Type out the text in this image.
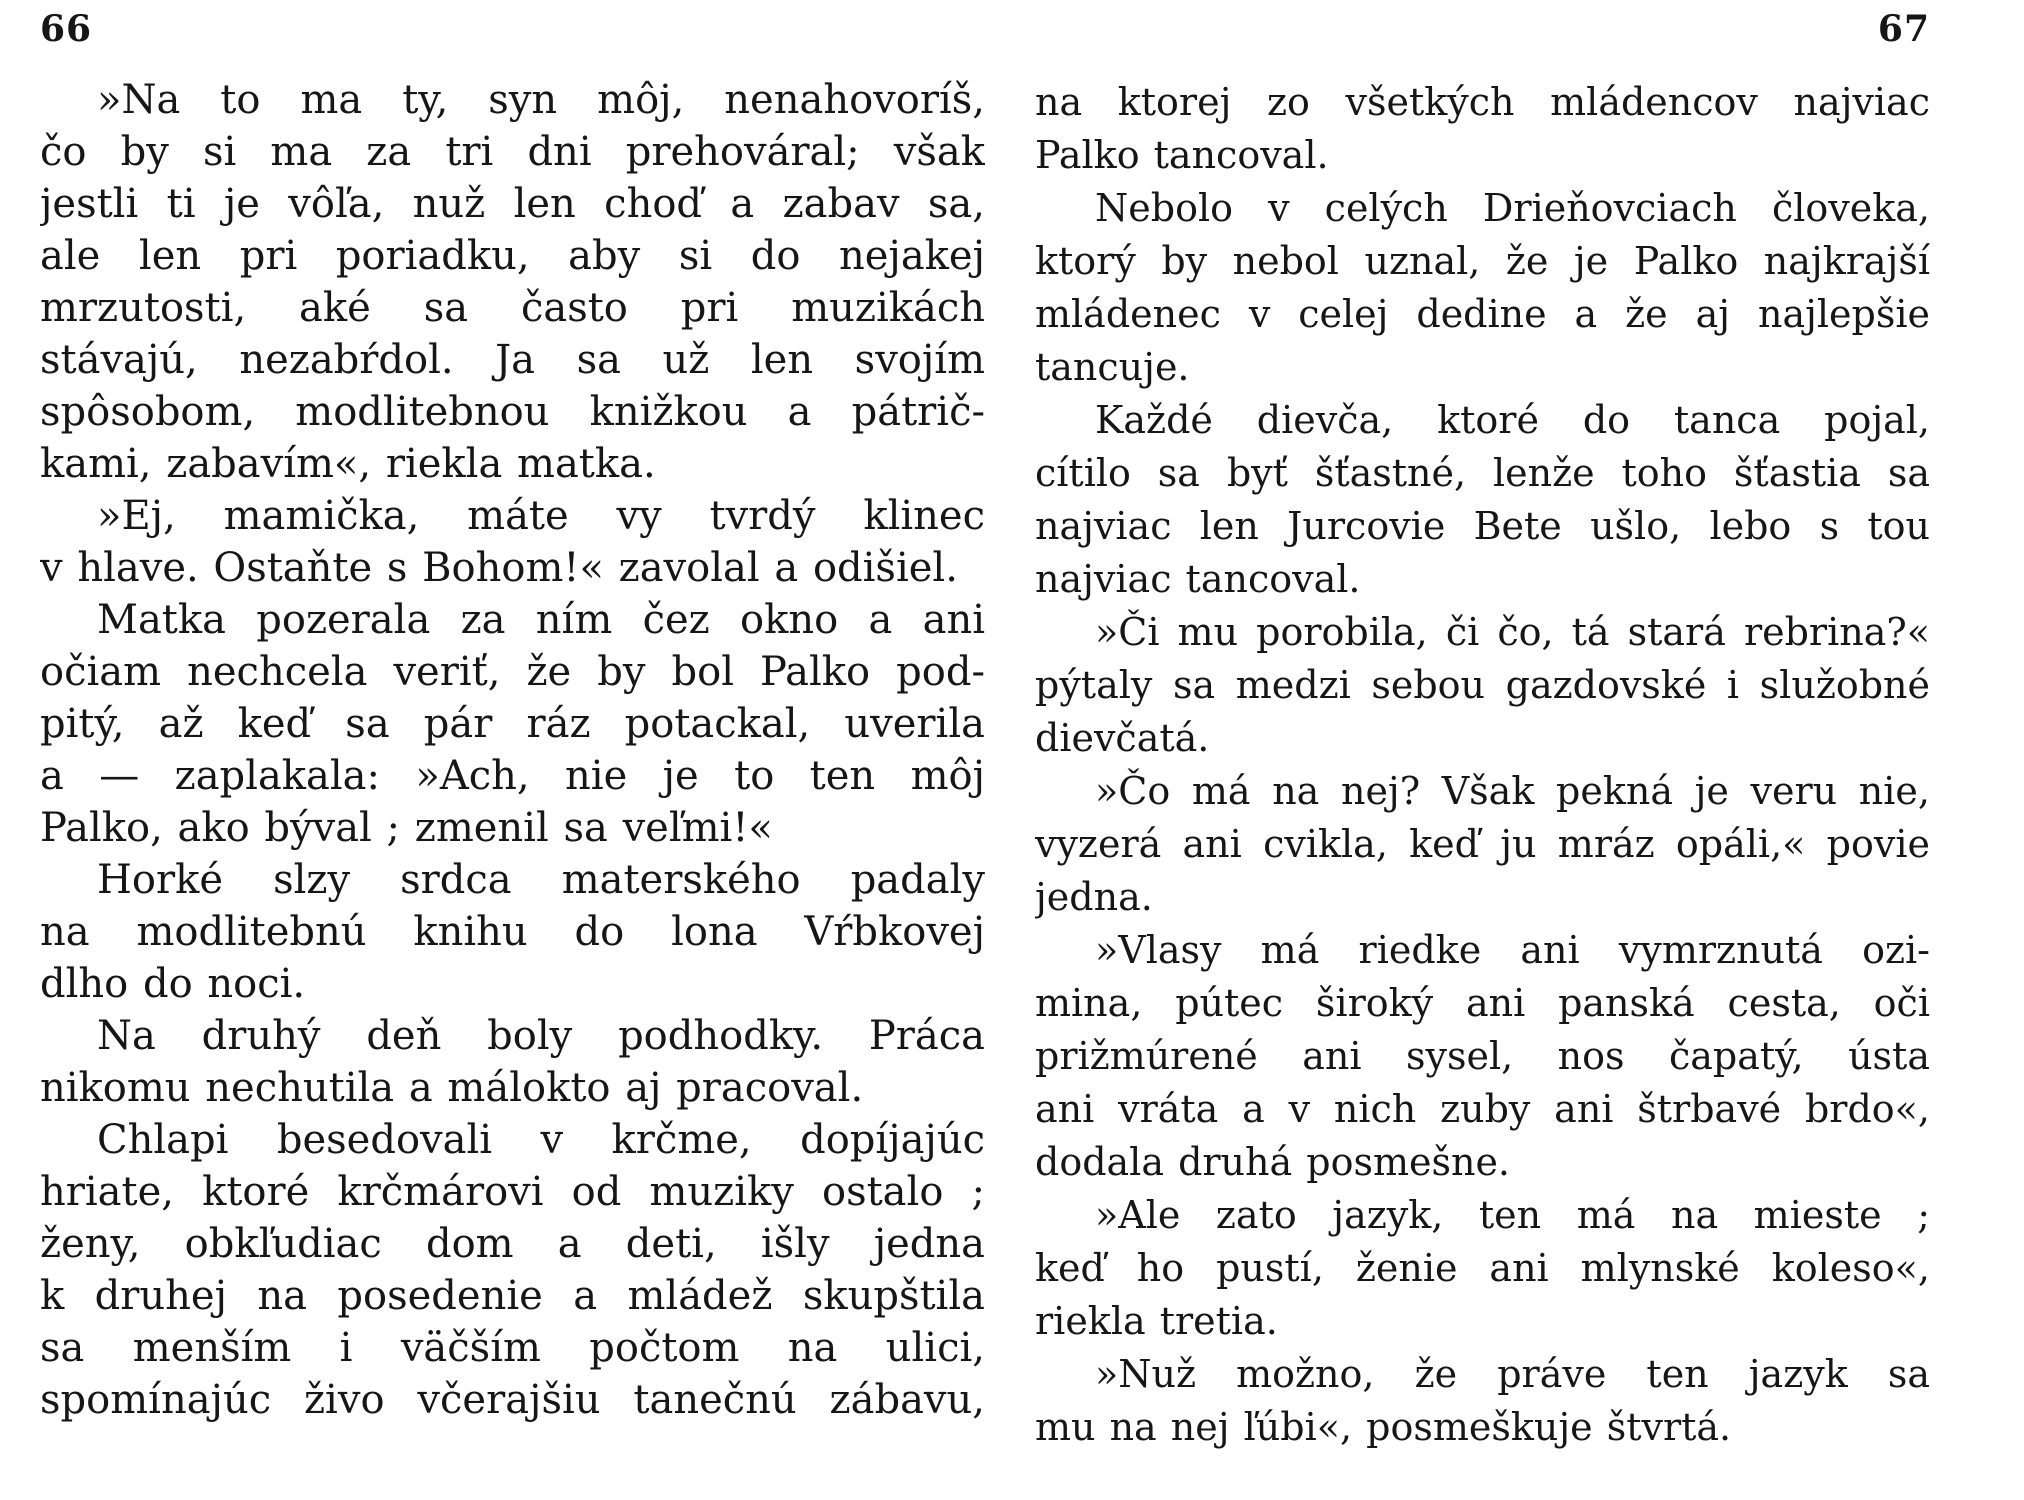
66	67
»Na to ma ty, syn môj, nenahovoríš,
čo by si ma za tri dni prehováral; však
jestli ti je vôľa, nuž len choď a zabav sa,
ale len pri poriadku, aby si do nejakej
mrzutosti, aké sa často pri muzikách
stávajú, nezabŕdol. Ja sa už len svojím
spôsobom, modlitebnou knižkou a pátrič-
kami, zabavím«, riekla matka.
»Ej, mamička, máte vy tvrdý klinec
v hlave. Ostaňte s Bohom!« zavolal a odišiel.
Matka pozerala za ním čez okno a ani
očiam nechcela veriť, že by bol Palko pod-
pitý, až keď sa pár ráz potackal, uverila
a — zaplakala: »Ach, nie je to ten môj
Palko, ako býval ; zmenil sa veľmi!«
Horké slzy srdca materského padaly
na modlitebnú knihu do lona Vŕbkovej
dlho do noci.
Na druhý deň boly podhodky. Práca
nikomu nechutila a málokto aj pracoval.
Chlapi besedovali v krčme, dopíjajúc
hriate, ktoré krčmárovi od muziky ostalo ;
ženy, obkľudiac dom a deti, išly jedna
k druhej na posedenie a mládež skupštila
sa menším i väčším počtom na ulici,
spomínajúc živo včerajšiu tanečnú zábavu,
na ktorej zo všetkých mládencov najviac
Palko tancoval.
Nebolo v celých Drieňovciach človeka,
ktorý by nebol uznal, že je Palko najkrajší
mládenec v celej dedine a že aj najlepšie
tancuje.
Každé dievča, ktoré do tanca pojal,
cítilo sa byť šťastné, lenže toho šťastia sa
najviac len Jurcovie Bete ušlo, lebo s tou
najviac tancoval.
»Či mu porobila, či čo, tá stará rebrina?«
pýtaly sa medzi sebou gazdovské i služobné
dievčatá.
»Čo má na nej? Však pekná je veru nie,
vyzerá ani cvikla, keď ju mráz opáli,« povie
jedna.
»Vlasy má riedke ani vymrznutá ozi-
mina, pútec široký ani panská cesta, oči
prižmúrené ani sysel, nos čapatý, ústa
ani vráta a v nich zuby ani štrbavé brdo«,
dodala druhá posmešne.
»Ale zato jazyk, ten má na mieste ;
keď ho pustí, ženie ani mlynské koleso«,
riekla tretia.
»Nuž možno, že práve ten jazyk sa
mu na nej ľúbi«, posmeškuje štvrtá.
